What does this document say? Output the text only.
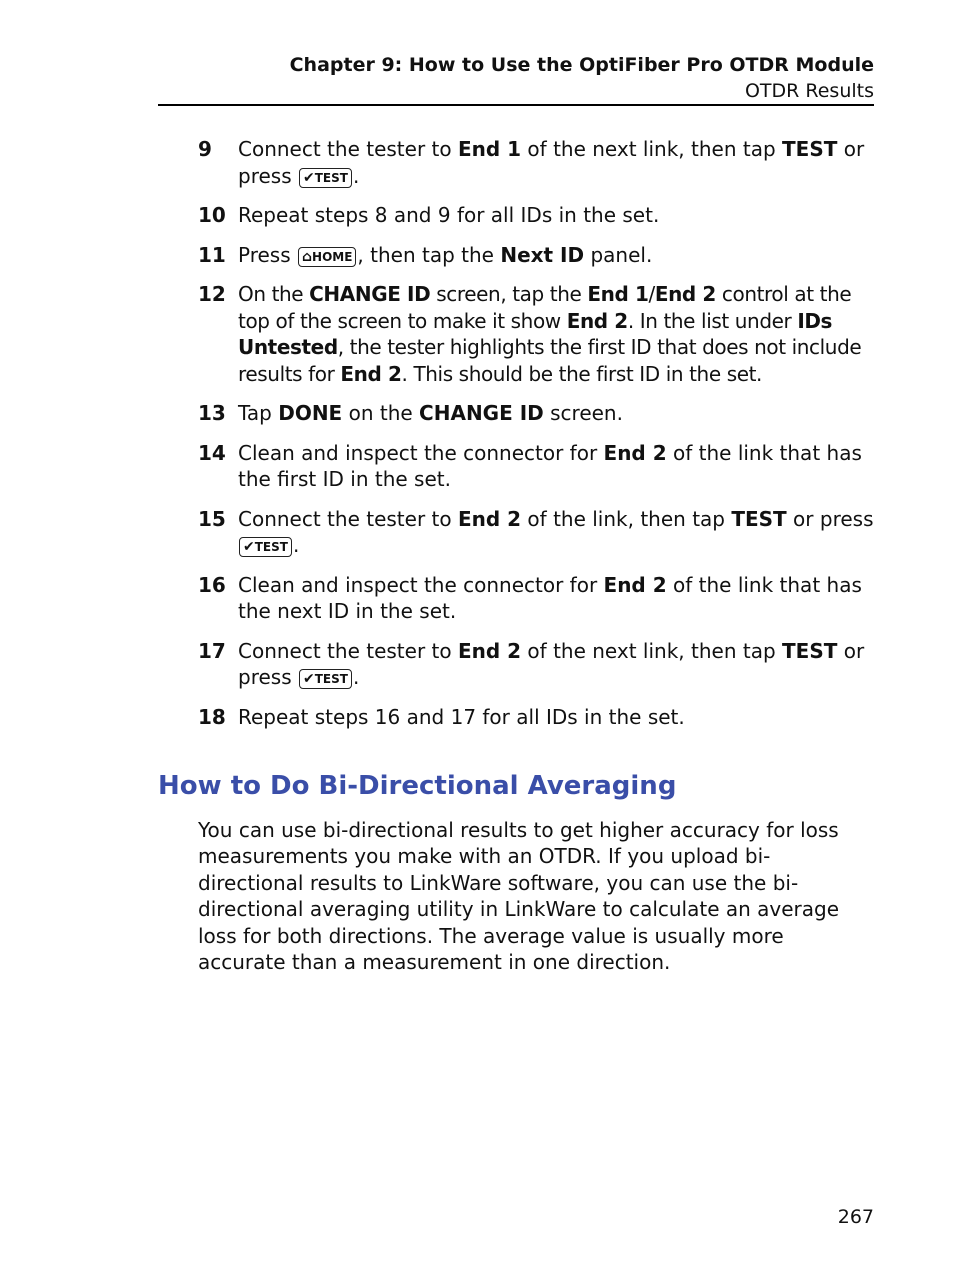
Chapter 9: How to Use the OptiFiber Pro OTDR Module
OTDR Results
9 Connect the tester to End 1 of the next link, then tap TEST or press ✔TEST .
10 Repeat steps 8 and 9 for all IDs in the set.
11 Press ⌂HOME , then tap the Next ID panel.
12 On the CHANGE ID screen, tap the End 1/End 2 control at the top of the screen to make it show End 2. In the list under IDs Untested, the tester highlights the first ID that does not include results for End 2. This should be the first ID in the set.
13 Tap DONE on the CHANGE ID screen.
14 Clean and inspect the connector for End 2 of the link that has the first ID in the set.
15 Connect the tester to End 2 of the link, then tap TEST or press
✔TEST .
16 Clean and inspect the connector for End 2 of the link that has the next ID in the set.
17 Connect the tester to End 2 of the next link, then tap TEST or press ✔TEST .
18 Repeat steps 16 and 17 for all IDs in the set.
How to Do Bi-Directional Averaging
You can use bi-directional results to get higher accuracy for loss measurements you make with an OTDR. If you upload bi-directional results to LinkWare software, you can use the bi-directional averaging utility in LinkWare to calculate an average loss for both directions. The average value is usually more accurate than a measurement in one direction.
267
